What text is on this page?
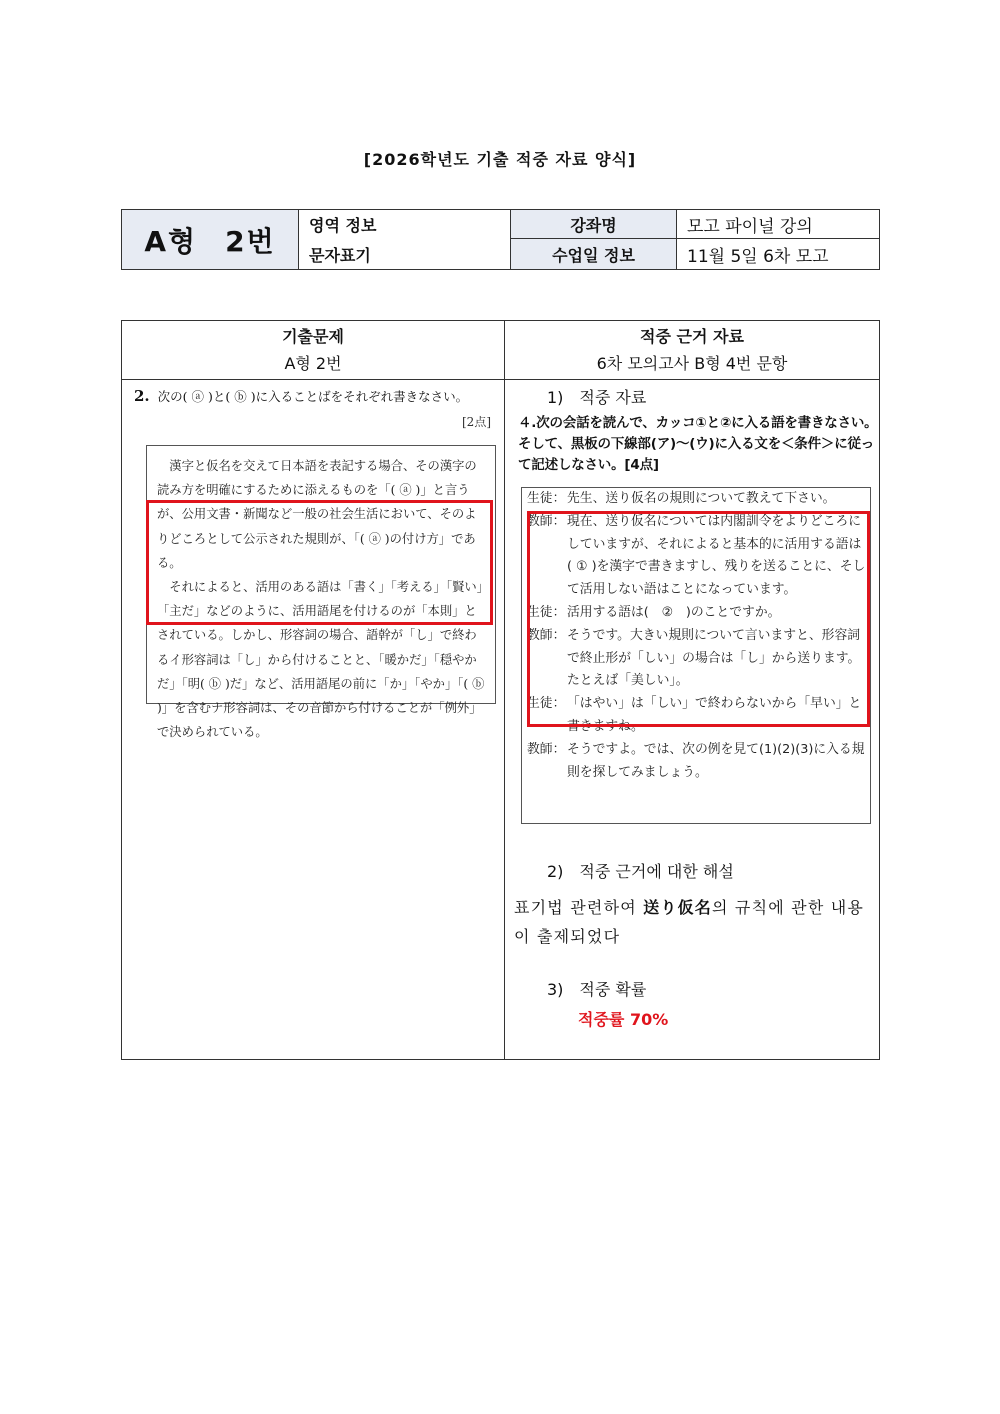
[2026학년도 기출 적중 자료 양식]
A형 2번 영역 정보
문자표기
강좌명	모고 파이널 강의
수업일 정보	11월 5일 6차 모고
기출문제
A형 2번
적중 근거 자료
6차 모의고사 B형 4번 문항
2. 次の( ⓐ )と( ⓑ )に入ることばをそれぞれ書きなさい。
[2点]

漢字と仮名を交えて日本語を表記する場合、その漢字の読み方を明確にするために添えるものを「( ⓐ )」と言うが、公用文書・新聞など一般の社会生活において、そのよりどころとして公示された規則が、「( ⓐ )の付け方」である。

それによると、活用のある語は「書く」「考える」「賢い」「主だ」などのように、活用語尾を付けるのが「本則」とされている。しかし、形容詞の場合、語幹が「し」で終わるイ形容詞は「し」から付けることと、「暖かだ」「穏やかだ」「明( ⓑ )だ」など、活用語尾の前に「か」「やか」「( ⓑ )」を含むナ形容詞は、その音節から付けることが「例外」で決められている。

1)　적중 자료
４.次の会話を読んで、カッコ①と②に入る語を書きなさい。そして、黒板の下線部(ア)～(ウ)に入る文を＜条件＞に従って記述しなさい。[4点]
生徒： 先生、送り仮名の規則について教えて下さい。
教師： 現在、送り仮名については内閣訓令をよりどころにしていますが、それによると基本的に活用する語は( ① )を漢字で書きますし、残りを送ることに、そして活用しない語はことになっています。
生徒： 活用する語は(　②　)のことですか。
教師： そうです。大きい規則について言いますと、形容詞で終止形が「しい」の場合は「し」から送ります。たとえば「美しい」。
生徒： 「はやい」は「しい」で終わらないから「早い」と書きますね。
教師： そうですよ。では、次の例を見て(1)(2)(3)に入る規則を探してみましょう。
2)　적중 근거에 대한 해설
표기법 관련하여 送り仮名의 규칙에 관한 내용이 출제되었다
3)　적중 확률
적중률 70%
